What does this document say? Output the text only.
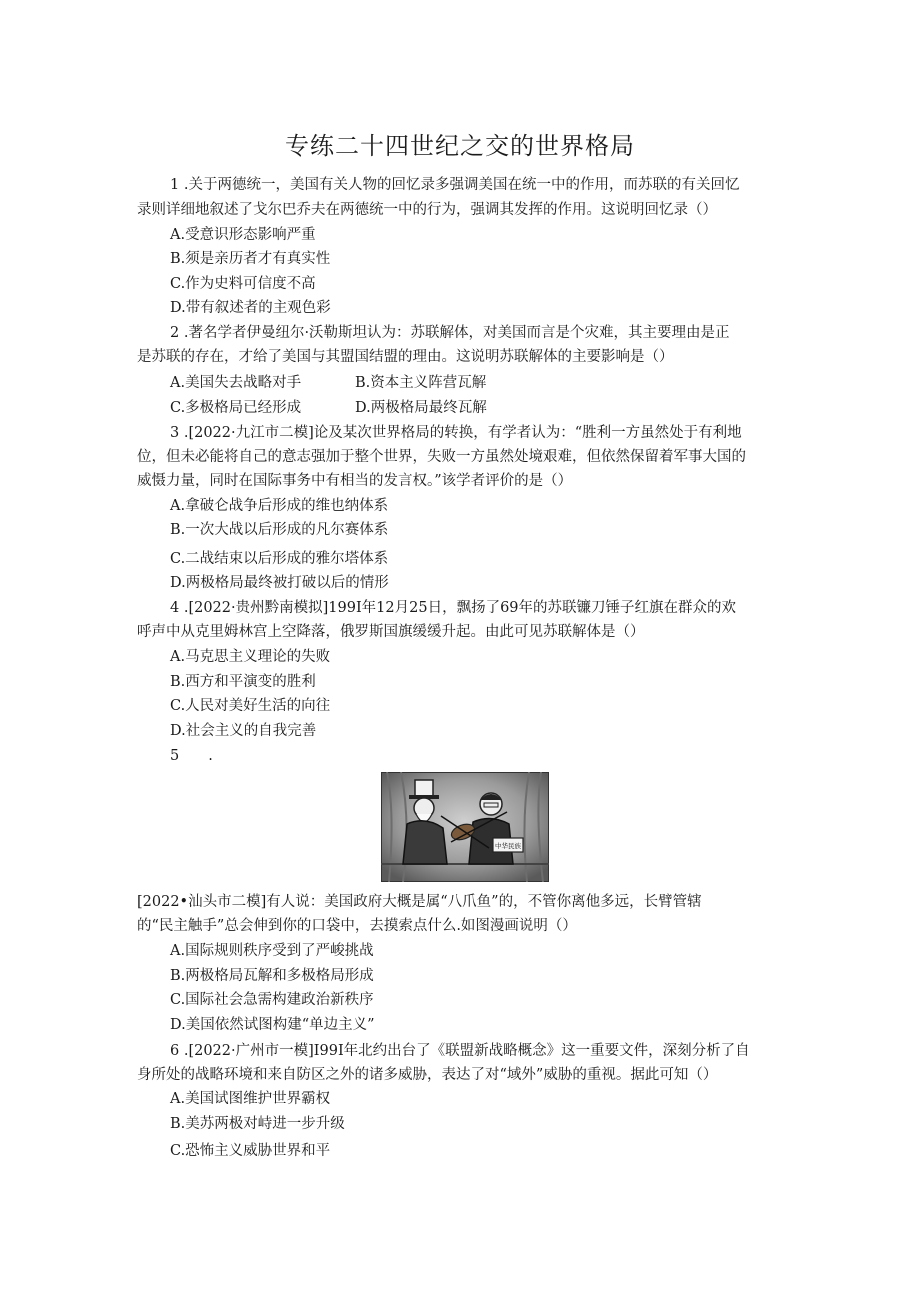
专练二十四世纪之交的世界格局
1 .关于两德统一，美国有关人物的回忆录多强调美国在统一中的作用，而苏联的有关回忆
录则详细地叙述了戈尔巴乔夫在两德统一中的行为，强调其发挥的作用。这说明回忆录（）
A.受意识形态影响严重
B.须是亲历者才有真实性
C.作为史料可信度不高
D.带有叙述者的主观色彩
2 .著名学者伊曼纽尔·沃勒斯坦认为：苏联解体，对美国而言是个灾难，其主要理由是正
是苏联的存在，才给了美国与其盟国结盟的理由。这说明苏联解体的主要影响是（）
A.美国失去战略对手	B.资本主义阵营瓦解
C.多极格局已经形成	D.两极格局最终瓦解
3 .[2022·九江市二模]论及某次世界格局的转换，有学者认为：“胜利一方虽然处于有利地
位，但未必能将自己的意志强加于整个世界，失败一方虽然处境艰难，但依然保留着军事大国的
威慑力量，同时在国际事务中有相当的发言权。”该学者评价的是（）
A.拿破仑战争后形成的维也纳体系
B.一次大战以后形成的凡尔赛体系
C.二战结束以后形成的雅尔塔体系
D.两极格局最终被打破以后的情形
4 .[2022·贵州黔南模拟]199I年12月25日，飘扬了69年的苏联镰刀锤子红旗在群众的欢
呼声中从克里姆林宫上空降落，俄罗斯国旗缓缓升起。由此可见苏联解体是（）
A.马克思主义理论的失败
B.西方和平演变的胜利
C.人民对美好生活的向往
D.社会主义的自我完善
5　　.
中华民族
[2022•汕头市二模]有人说：美国政府大概是属“八爪鱼”的，不管你离他多远，长臂管辖
的“民主触手”总会伸到你的口袋中，去摸索点什么.如图漫画说明（）
A.国际规则秩序受到了严峻挑战
B.两极格局瓦解和多极格局形成
C.国际社会急需构建政治新秩序
D.美国依然试图构建“单边主义”
6 .[2022·广州市一模]I99I年北约出台了《联盟新战略概念》这一重要文件，深刻分析了自
身所处的战略环境和来自防区之外的诸多威胁，表达了对“域外”威胁的重视。据此可知（）
A.美国试图维护世界霸权
B.美苏两极对峙进一步升级
C.恐怖主义威胁世界和平
